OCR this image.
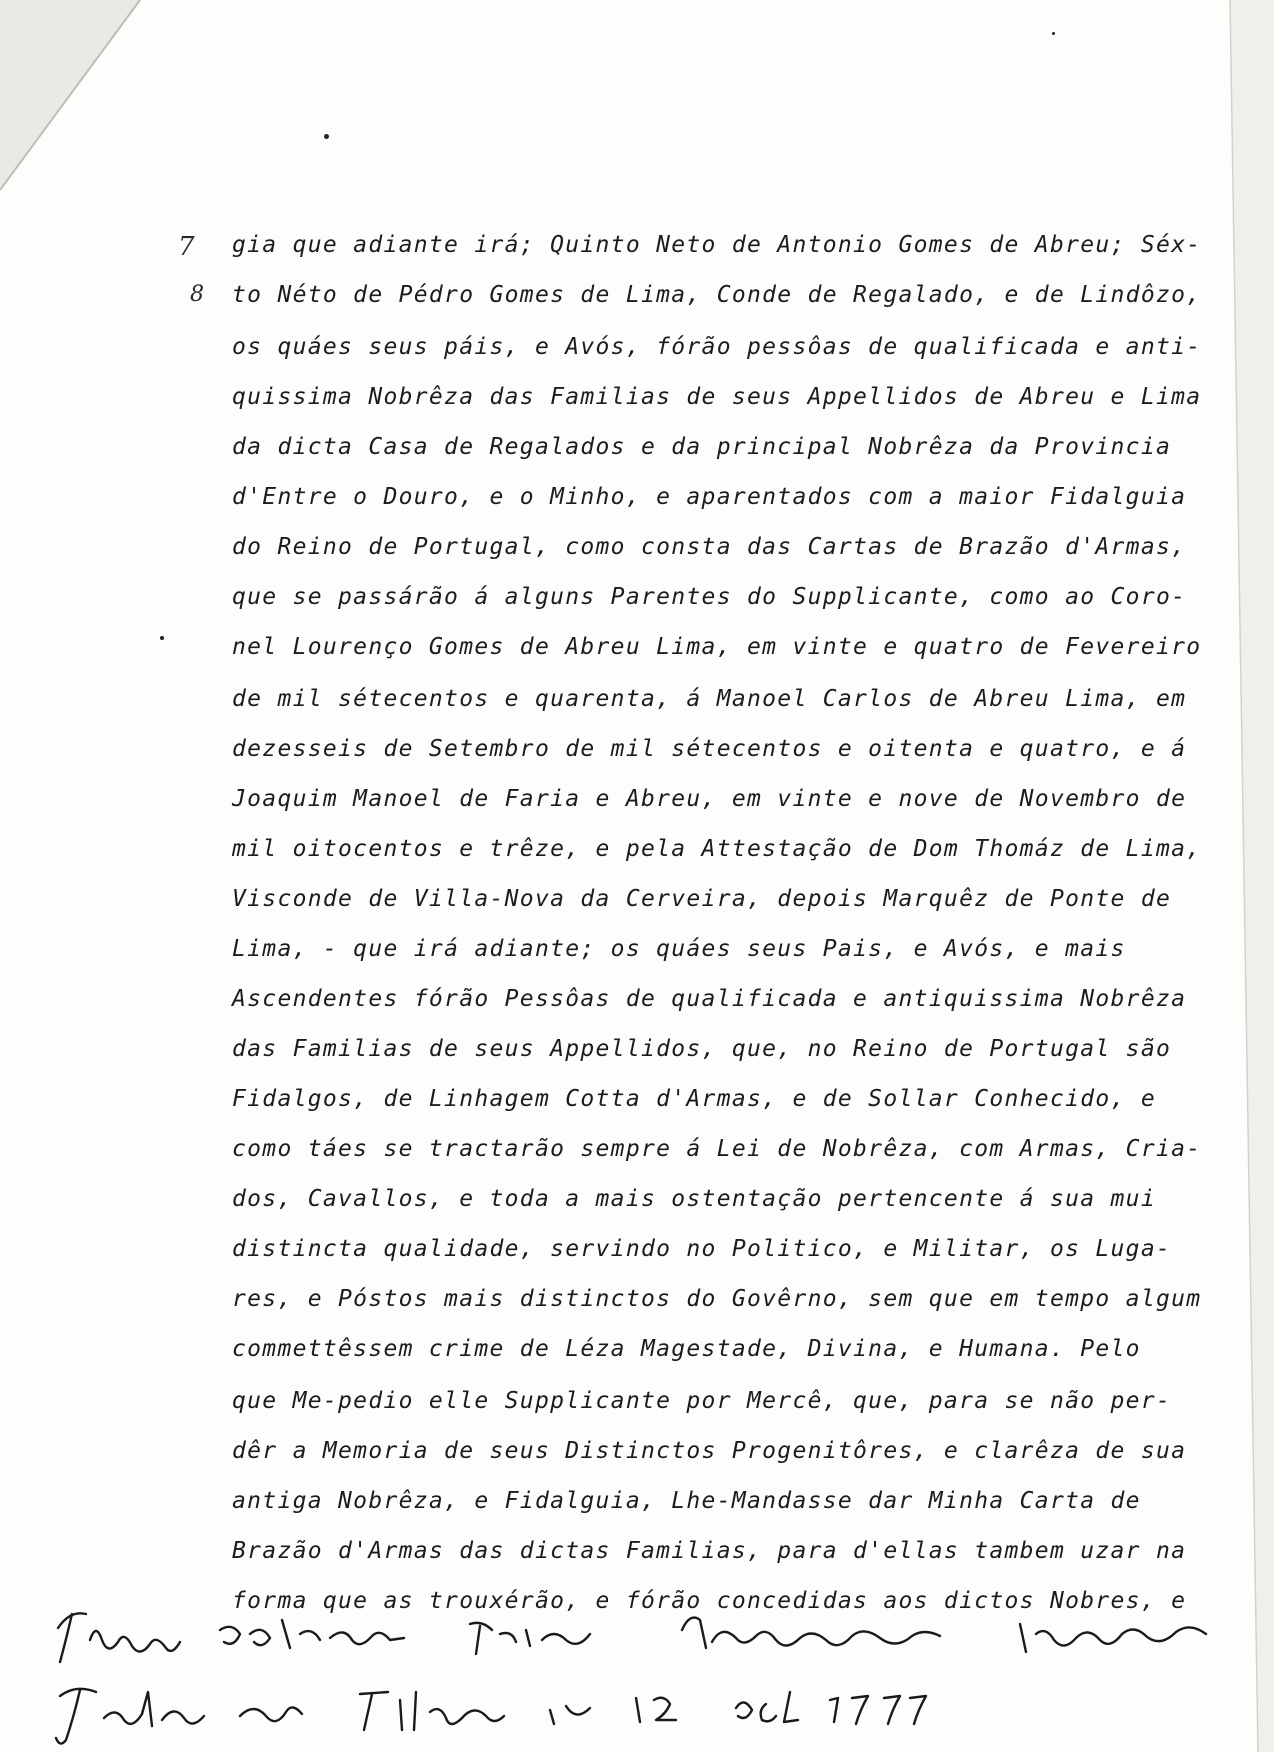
7
8
gia que adiante irá; Quinto Neto de Antonio Gomes de Abreu; Séx-
to Néto de Pédro Gomes de Lima, Conde de Regalado, e de Lindôzo,
os quáes seus páis, e Avós, fórão pessôas de qualificada e anti-
quissima Nobrêza das Familias de seus Appellidos de Abreu e Lima
da dicta Casa de Regalados e da principal Nobrêza da Provincia
d'Entre o Douro, e o Minho, e aparentados com a maior Fidalguia
do Reino de Portugal, como consta das Cartas de Brazão d'Armas,
que se passárão á alguns Parentes do Supplicante, como ao Coro-
nel Lourenço Gomes de Abreu Lima, em vinte e quatro de Fevereiro
de mil sétecentos e quarenta, á Manoel Carlos de Abreu Lima, em
dezesseis de Setembro de mil sétecentos e oitenta e quatro, e á
Joaquim Manoel de Faria e Abreu, em vinte e nove de Novembro de
mil oitocentos e trêze, e pela Attestação de Dom Thomáz de Lima,
Visconde de Villa-Nova da Cerveira, depois Marquêz de Ponte de
Lima, - que irá adiante; os quáes seus Pais, e Avós, e mais
Ascendentes fórão Pessôas de qualificada e antiquissima Nobrêza
das Familias de seus Appellidos, que, no Reino de Portugal são
Fidalgos, de Linhagem Cotta d'Armas, e de Sollar Conhecido, e
como táes se tractarão sempre á Lei de Nobrêza, com Armas, Cria-
dos, Cavallos, e toda a mais ostentação pertencente á sua mui
distincta qualidade, servindo no Politico, e Militar, os Luga-
res, e Póstos mais distinctos do Govêrno, sem que em tempo algum
commettêssem crime de Léza Magestade, Divina, e Humana. Pelo
que Me-pedio elle Supplicante por Mercê, que, para se não per-
dêr a Memoria de seus Distinctos Progenitôres, e clarêza de sua
antiga Nobrêza, e Fidalguia, Lhe-Mandasse dar Minha Carta de
Brazão d'Armas das dictas Familias, para d'ellas tambem uzar na
forma que as trouxérão, e fórão concedidas aos dictos Nobres, e
